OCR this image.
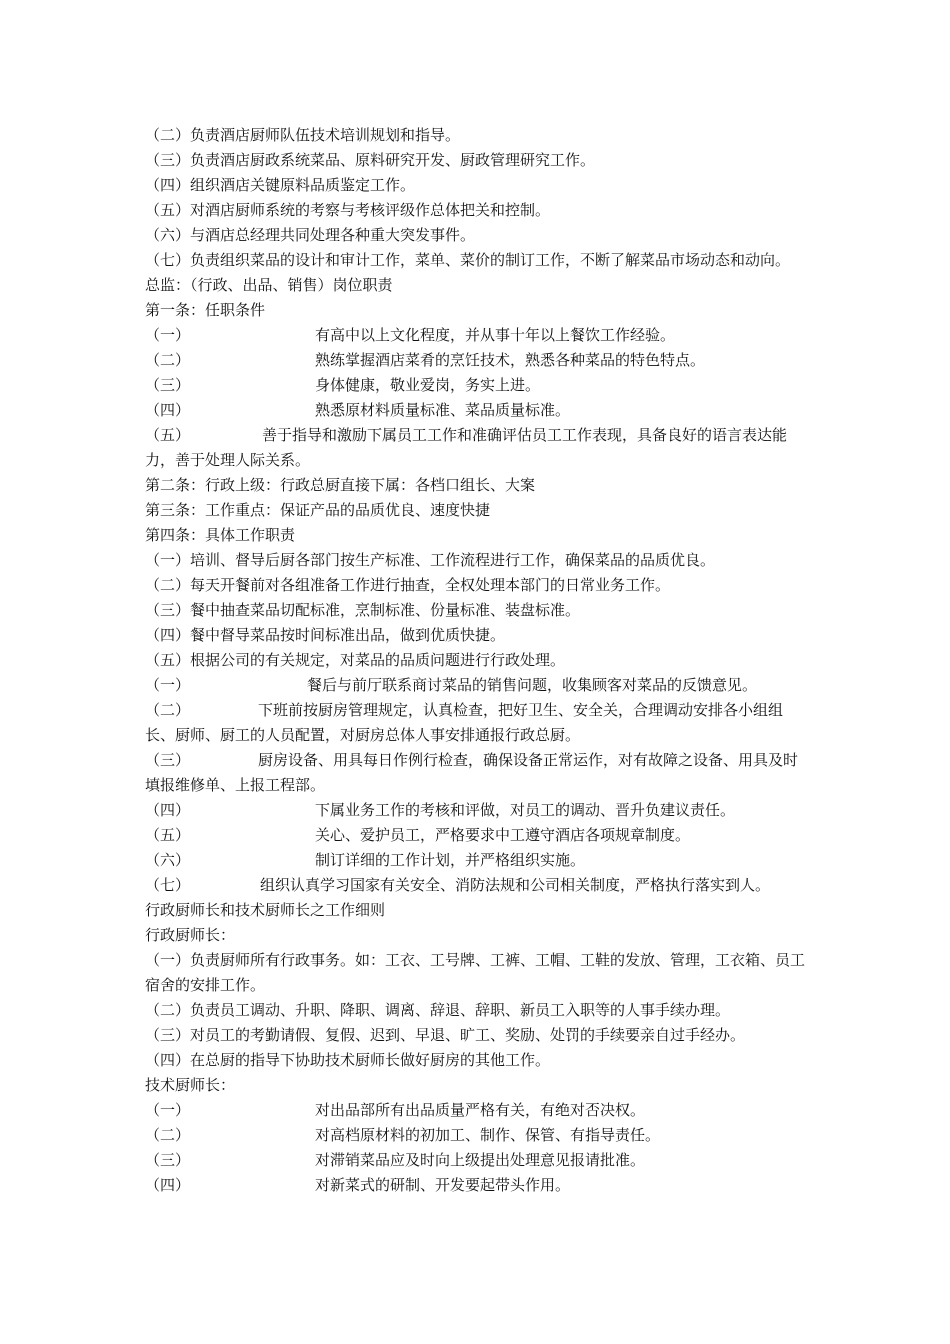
（二）负责酒店厨师队伍技术培训规划和指导。
（三）负责酒店厨政系统菜品、原料研究开发、厨政管理研究工作。
（四）组织酒店关键原料品质鉴定工作。
（五）对酒店厨师系统的考察与考核评级作总体把关和控制。
（六）与酒店总经理共同处理各种重大突发事件。
（七）负责组织菜品的设计和审计工作，菜单、菜价的制订工作，不断了解菜品市场动态和动向。
总监：（行政、出品、销售）岗位职责
第一条：任职条件
（一）	有高中以上文化程度，并从事十年以上餐饮工作经验。
（二）	熟练掌握酒店菜肴的烹饪技术，熟悉各种菜品的特色特点。
（三）	身体健康，敬业爱岗，务实上进。
（四）	熟悉原材料质量标准、菜品质量标准。
（五）	善于指导和激励下属员工工作和准确评估员工工作表现，具备良好的语言表达能力，善于处理人际关系。
第二条：行政上级：行政总厨直接下属：各档口组长、大案
第三条：工作重点：保证产品的品质优良、速度快捷
第四条：具体工作职责
（一）培训、督导后厨各部门按生产标准、工作流程进行工作，确保菜品的品质优良。
（二）每天开餐前对各组准备工作进行抽查，全权处理本部门的日常业务工作。
（三）餐中抽查菜品切配标准，烹制标准、份量标准、装盘标准。
（四）餐中督导菜品按时间标准出品，做到优质快捷。
（五）根据公司的有关规定，对菜品的品质问题进行行政处理。
（一）	餐后与前厅联系商讨菜品的销售问题，收集顾客对菜品的反馈意见。
（二）	下班前按厨房管理规定，认真检查，把好卫生、安全关，合理调动安排各小组组长、厨师、厨工的人员配置，对厨房总体人事安排通报行政总厨。
（三）	厨房设备、用具每日作例行检查，确保设备正常运作，对有故障之设备、用具及时填报维修单、上报工程部。
（四）	下属业务工作的考核和评做，对员工的调动、晋升负建议责任。
（五）	关心、爱护员工，严格要求中工遵守酒店各项规章制度。
（六）	制订详细的工作计划，并严格组织实施。
（七）	组织认真学习国家有关安全、消防法规和公司相关制度，严格执行落实到人。
行政厨师长和技术厨师长之工作细则
行政厨师长：
（一）负责厨师所有行政事务。如：工衣、工号牌、工裤、工帽、工鞋的发放、管理，工衣箱、员工宿舍的安排工作。
（二）负责员工调动、升职、降职、调离、辞退、辞职、新员工入职等的人事手续办理。
（三）对员工的考勤请假、复假、迟到、早退、旷工、奖励、处罚的手续要亲自过手经办。
（四）在总厨的指导下协助技术厨师长做好厨房的其他工作。
技术厨师长：
（一）	对出品部所有出品质量严格有关，有绝对否决权。
（二）	对高档原材料的初加工、制作、保管、有指导责任。
（三）	对滞销菜品应及时向上级提出处理意见报请批准。
（四）	对新菜式的研制、开发要起带头作用。
